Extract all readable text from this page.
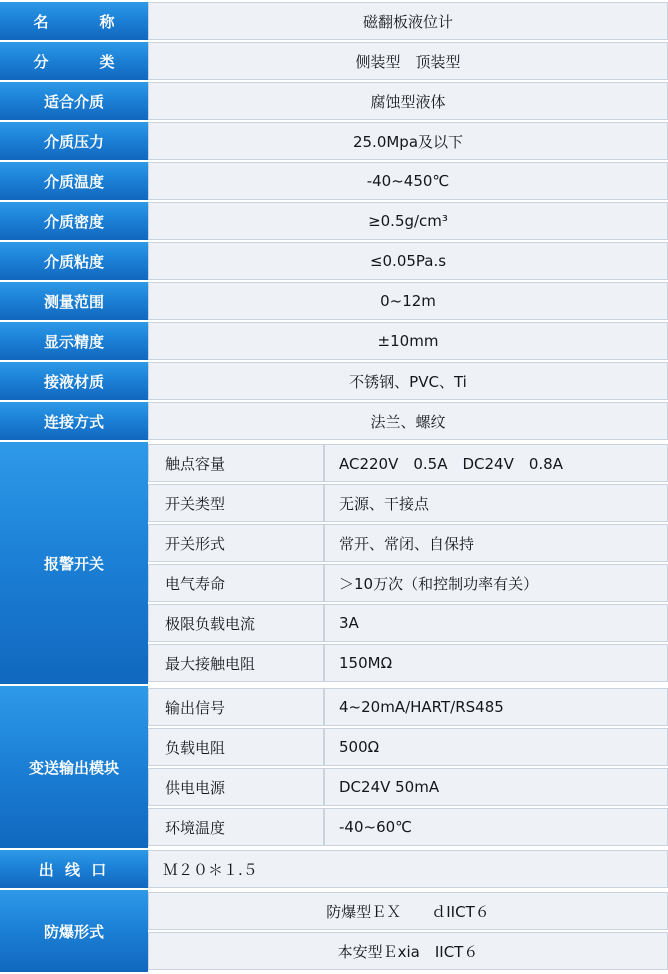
名　　称	磁翻板液位计

分　　类	侧装型　顶装型

适合介质	腐蚀型液体

介质压力	25.0Mpa及以下

介质温度	-40~450℃

介质密度	≥0.5g/cm³

介质粘度	≤0.05Pa.s

测量范围	0~12m

显示精度	±10mm

接液材质	不锈钢、PVC、Ti

连接方式	法兰、螺纹

报警开关	
触点容量	AC220V　0.5A　DC24V　0.8A
开关类型	无源、干接点
开关形式	常开、常闭、自保持
电气寿命	＞10万次（和控制功率有关）
极限负载电流	3A
最大接触电阻	150MΩ

变送输出模块	
输出信号	4~20mA/HART/RS485
负载电阻	500Ω
供电电源	DC24V 50mA
环境温度	-40~60℃

出 线 口	Ｍ２０＊１.５

防爆形式	
防爆型ＥＸ　　ｄIICT６
本安型Ｅxia　IICT６
